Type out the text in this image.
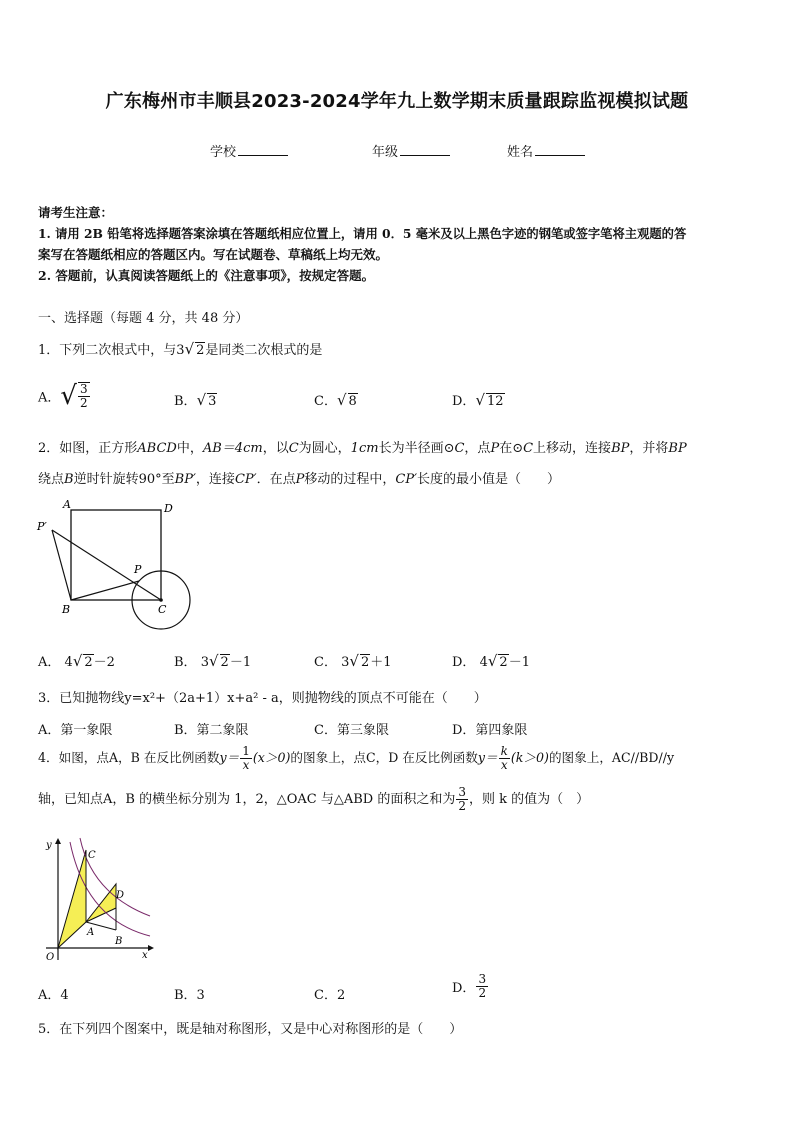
广东梅州市丰顺县2023-2024学年九上数学期末质量跟踪监视模拟试题
学校	年级	姓名
请考生注意：
1. 请用 2B 铅笔将选择题答案涂填在答题纸相应位置上，请用 0．5 毫米及以上黑色字迹的钢笔或签字笔将主观题的答
案写在答题纸相应的答题区内。写在试题卷、草稿纸上均无效。
2. 答题前，认真阅读答题纸上的《注意事项》，按规定答题。
一、选择题（每题 4 分，共 48 分）
1．下列二次根式中，与3√ 2是同类二次根式的是
A．√ $\frac{3}{2}$	B．√ 3	C．√ 8	D．√ 12
2．如图，正方形ABCD中，AB＝4cm，以C为圆心，1cm长为半径画⊙C，点P在⊙C上移动，连接BP，并将BP
绕点B逆时针旋转90°至BP′，连接CP′．在点P移动的过程中，CP′长度的最小值是（　　）
A	D
B	C
P
P′
A． 4√ 2－2	B． 3√ 2－1	C． 3√ 2＋1	D． 4√ 2－1
3．已知抛物线y=x²+（2a+1）x+a² - a，则抛物线的顶点不可能在（　　）
A．第一象限	B．第二象限	C．第三象限	D．第四象限
4．如图，点A，B 在反比例函数$y= \frac{1}{x} (x>0)$的图象上，点C，D 在反比例函数$y= \frac{k}{x} (k>0)$的图象上，AC//BD//y
轴，已知点A，B 的横坐标分别为 1，2，△OAC 与△ABD 的面积之和为 $\frac{3}{2}$ ，则 k 的值为（　）
y
x
O
A
B
C
D
A．4	B．3	C．2	D． $\frac{3}{2}$
5．在下列四个图案中，既是轴对称图形，又是中心对称图形的是（　　）
